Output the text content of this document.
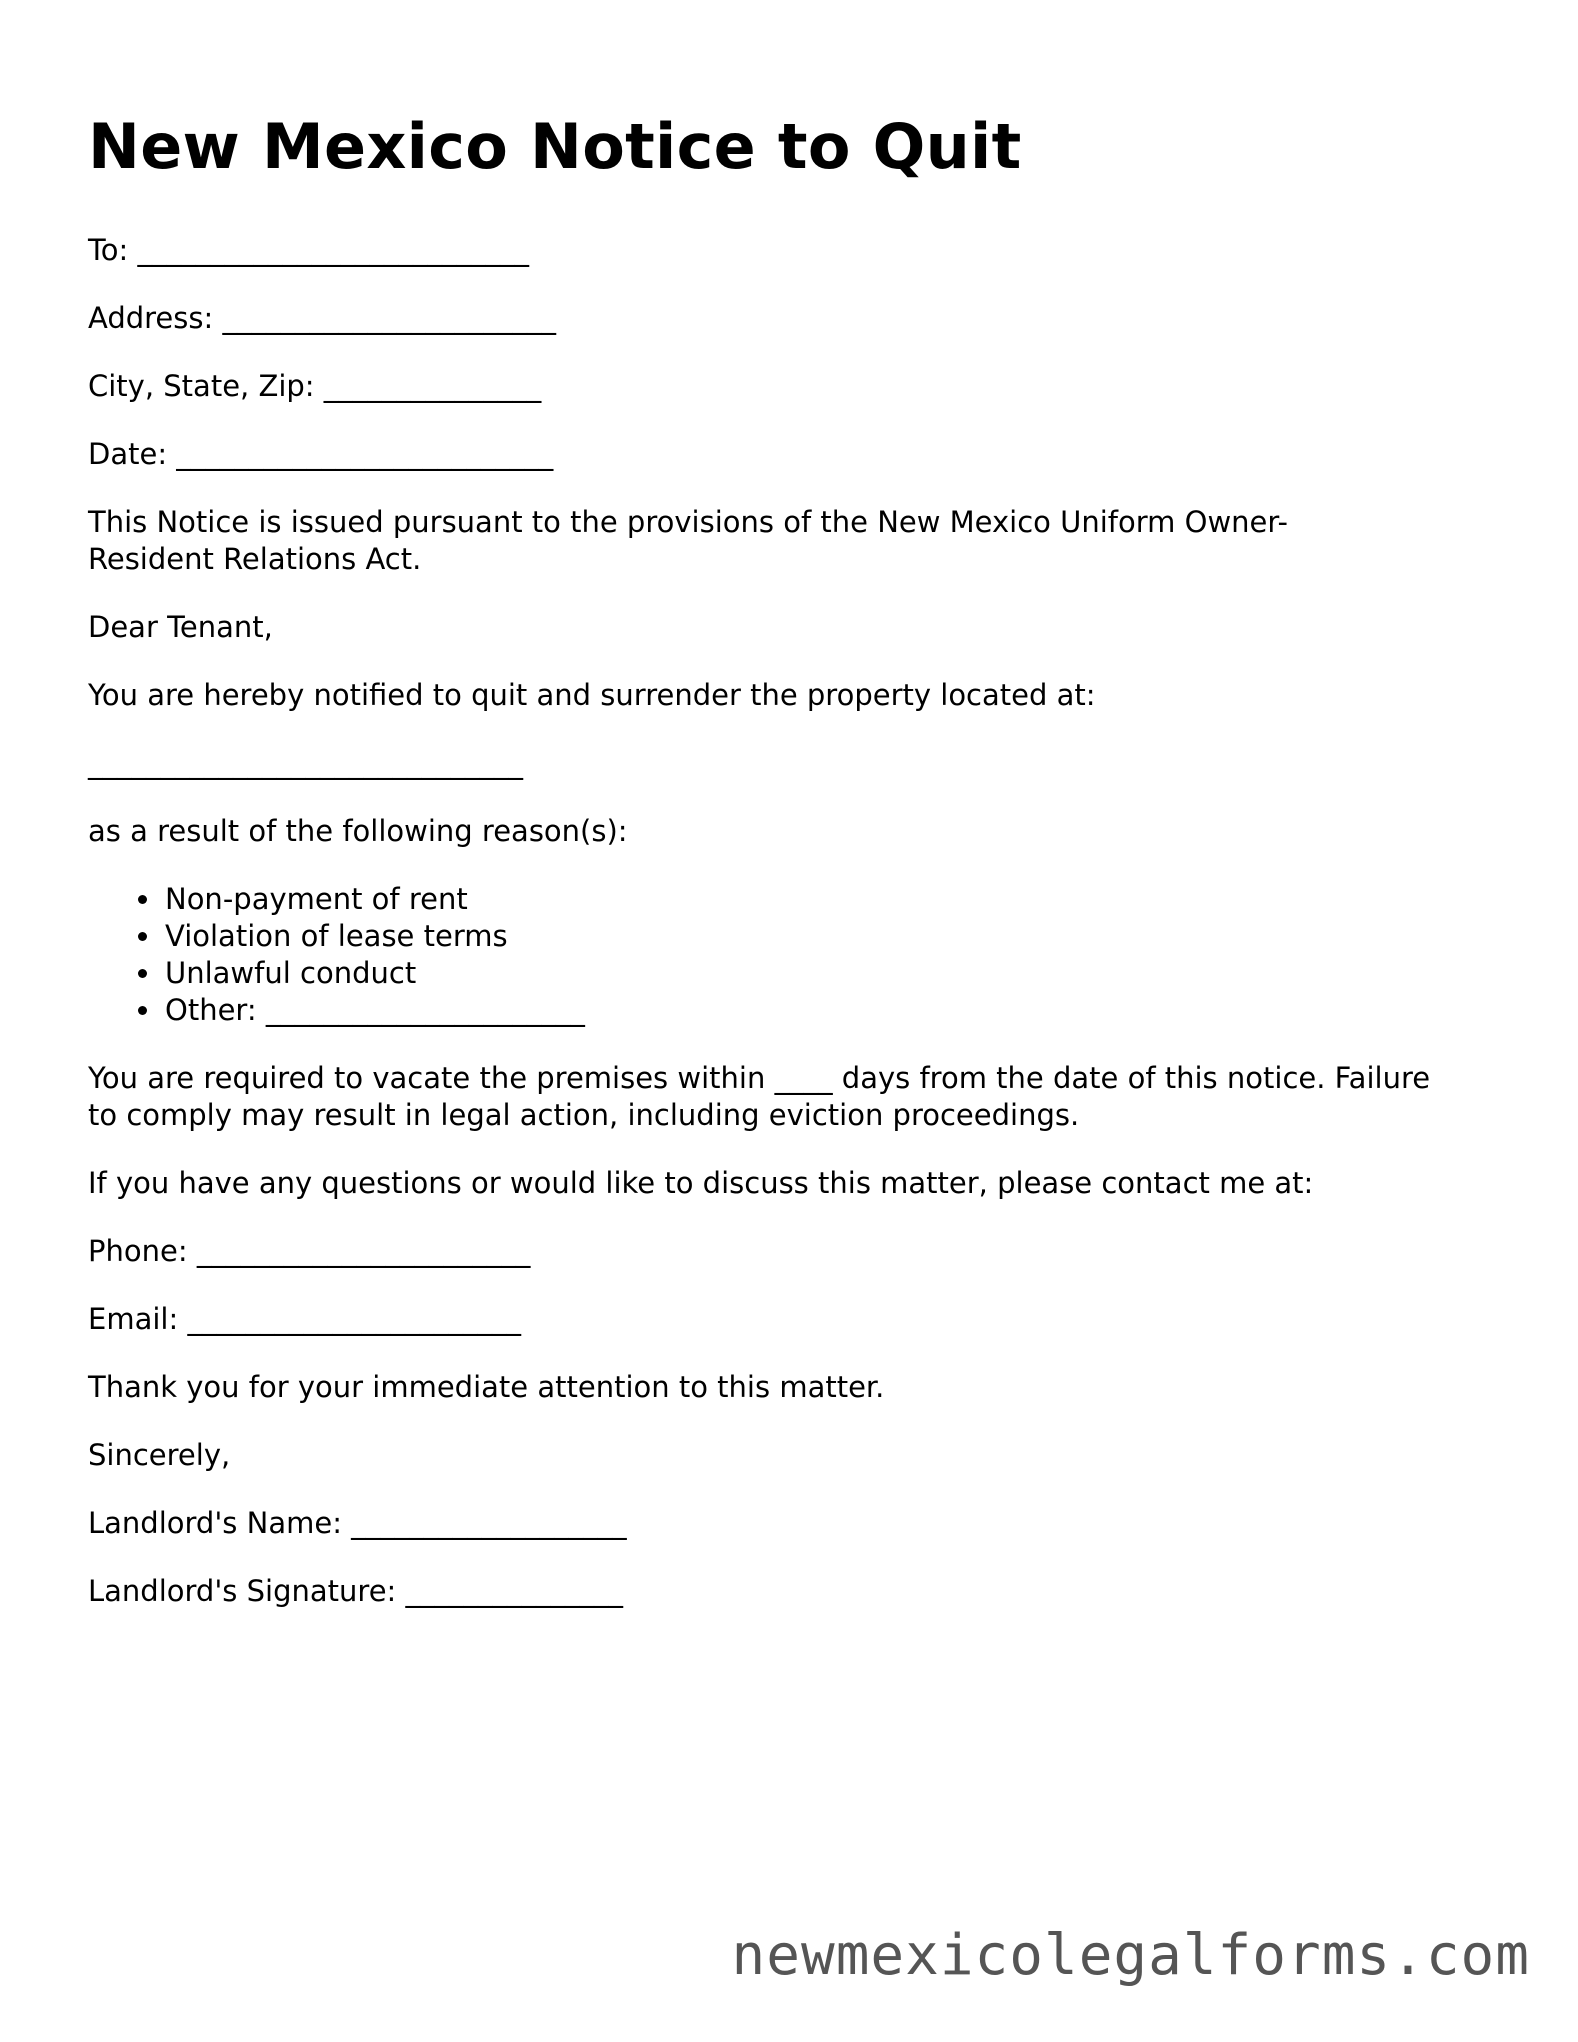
New Mexico Notice to Quit

To: ___________________________

Address: _______________________

City, State, Zip: _______________

Date: __________________________

This Notice is issued pursuant to the provisions of the New Mexico Uniform Owner-Resident Relations Act.

Dear Tenant,

You are hereby notified to quit and surrender the property located at:

______________________________

as a result of the following reason(s):

• Non-payment of rent
• Violation of lease terms
• Unlawful conduct
• Other: ______________________

You are required to vacate the premises within ____ days from the date of this notice. Failure to comply may result in legal action, including eviction proceedings.

If you have any questions or would like to discuss this matter, please contact me at:

Phone: _______________________

Email: _______________________

Thank you for your immediate attention to this matter.

Sincerely,

Landlord's Name: ___________________

Landlord's Signature: _______________

newmexicolegalforms.com
